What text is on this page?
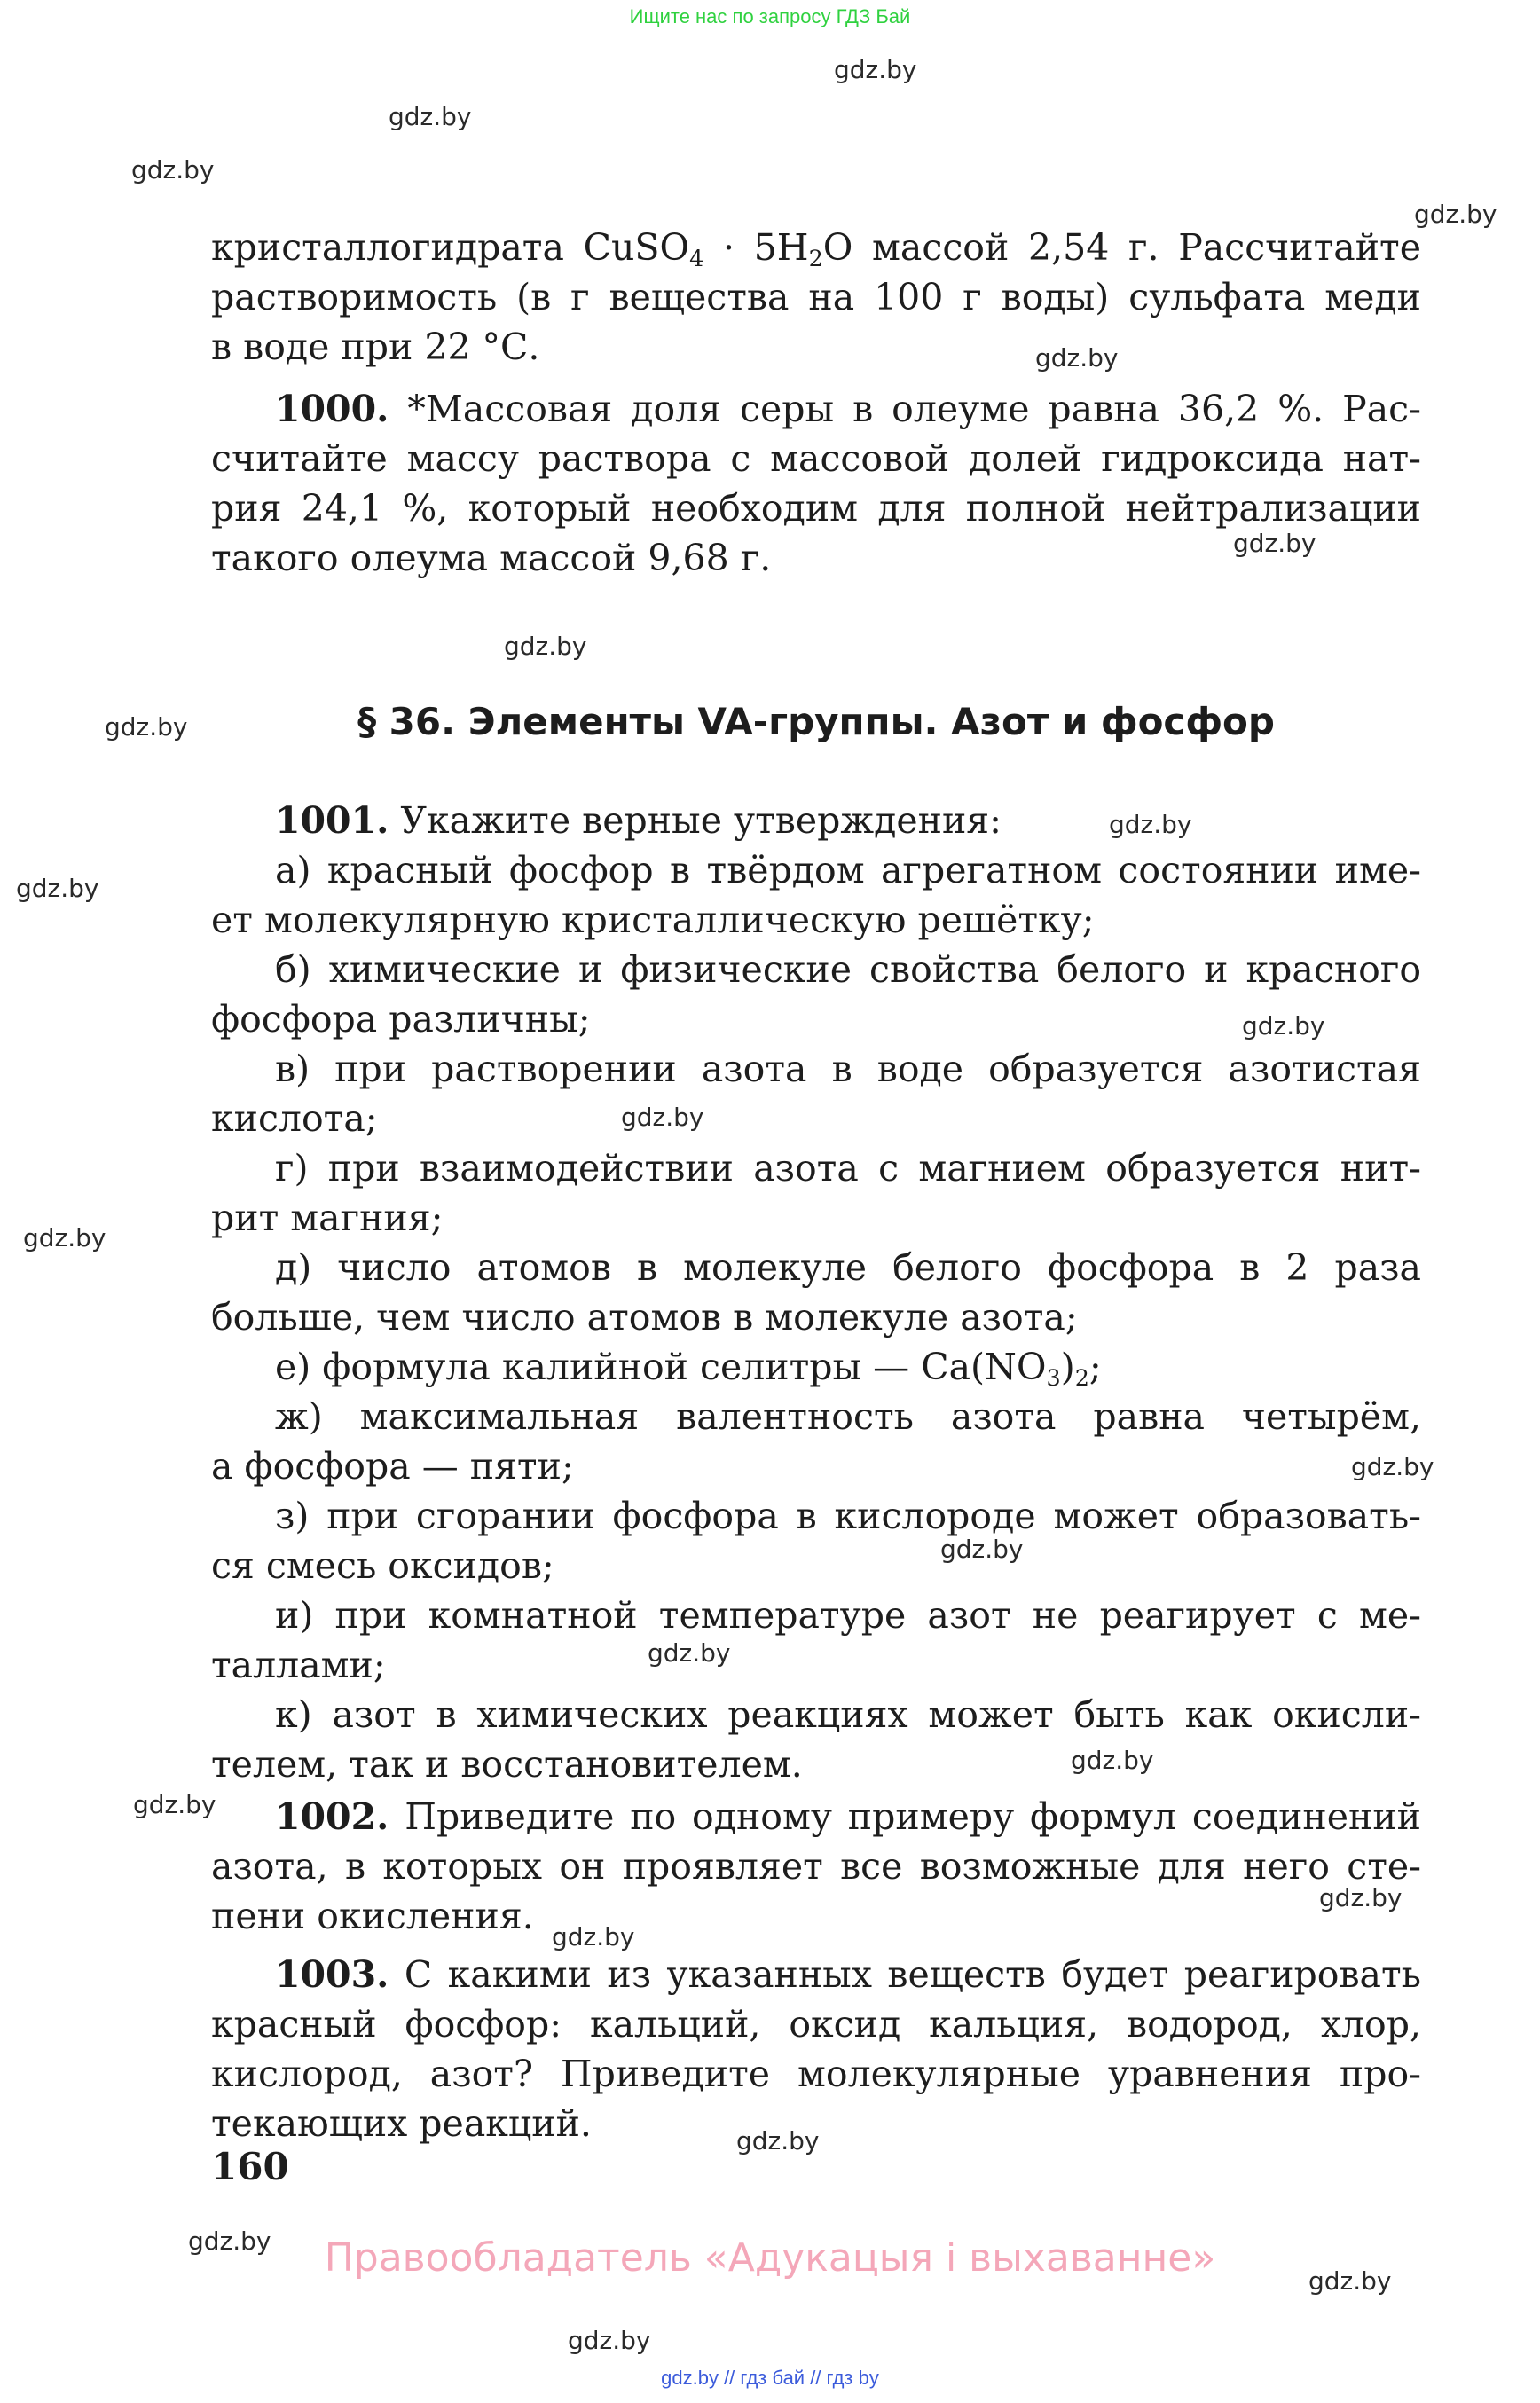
Ищите нас по запросу ГДЗ Бай
gdz.by
gdz.by
gdz.by
gdz.by
gdz.by
gdz.by
gdz.by
gdz.by
gdz.by
gdz.by
gdz.by
gdz.by
gdz.by
gdz.by
gdz.by
gdz.by
gdz.by
gdz.by
gdz.by
gdz.by
gdz.by
gdz.by
gdz.by
gdz.by
кристаллогидрата CuSO$_4$ · $5H_2O$ массой 2,54 г. Рассчитайте
растворимость (в г вещества на 100 г воды) сульфата меди
в воде при 22 °С.
1000. *Массовая доля серы в олеуме равна 36,2 %. Рас-
считайте массу раствора с массовой долей гидроксида нат-
рия 24,1 %, который необходим для полной нейтрализации
такого олеума массой 9,68 г.
§ 36. Элементы VA-группы. Азот и фосфор
1001. Укажите верные утверждения:
а) красный фосфор в твёрдом агрегатном состоянии име-
ет молекулярную кристаллическую решётку;
б) химические и физические свойства белого и красного
фосфора различны;
в) при растворении азота в воде образуется азотистая
кислота;
г) при взаимодействии азота с магнием образуется нит-
рит магния;
д) число атомов в молекуле белого фосфора в 2 раза
больше, чем число атомов в молекуле азота;
е) формула калийной селитры — $Ca(NO_3)_2$;
ж) максимальная валентность азота равна четырём,
а фосфора — пяти;
з) при сгорании фосфора в кислороде может образовать-
ся смесь оксидов;
и) при комнатной температуре азот не реагирует с ме-
таллами;
к) азот в химических реакциях может быть как окисли-
телем, так и восстановителем.
1002. Приведите по одному примеру формул соединений
азота, в которых он проявляет все возможные для него сте-
пени окисления.
1003. С какими из указанных веществ будет реагировать
красный фосфор: кальций, оксид кальция, водород, хлор,
кислород, азот? Приведите молекулярные уравнения про-
текающих реакций.
160
Правообладатель «Адукацыя і выхаванне»
gdz.by // гдз бай // гдз by
